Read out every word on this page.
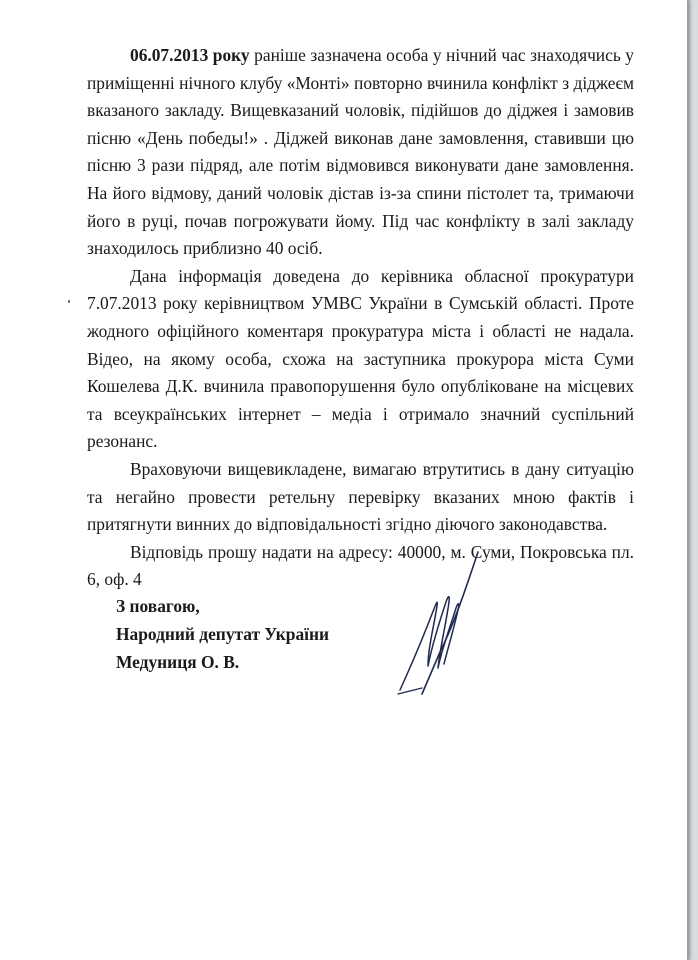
06.07.2013 року раніше зазначена особа у нічний час знаходячись у приміщенні нічного клубу «Монті» повторно вчинила конфлікт з діджеєм вказаного закладу. Вищевказаний чоловік, підійшов до діджея і замовив пісню «День победы!» . Діджей виконав дане замовлення, ставивши цю пісню 3 рази підряд, але потім відмовився виконувати дане замовлення. На його відмову, даний чоловік дістав із-за спини пістолет та, тримаючи його в руці, почав погрожувати йому. Під час конфлікту в залі закладу знаходилось приблизно 40 осіб.

Дана інформація доведена до керівника обласної прокуратури 7.07.2013 року керівництвом УМВС України в Сумській області. Проте жодного офіційного коментаря прокуратура міста і області не надала. Відео, на якому особа, схожа на заступника прокурора міста Суми Кошелева Д.К. вчинила правопорушення було опубліковане на місцевих та всеукраїнських інтернет – медіа і отримало значний суспільний резонанс.

Враховуючи вищевикладене, вимагаю втрутитись в дану ситуацію та негайно провести ретельну перевірку вказаних мною фактів і притягнути винних до відповідальності згідно діючого законодавства.

Відповідь прошу надати на адресу: 40000, м. Суми, Покровська пл. 6, оф. 4

З повагою,
Народний депутат України
Медуниця О. В.
